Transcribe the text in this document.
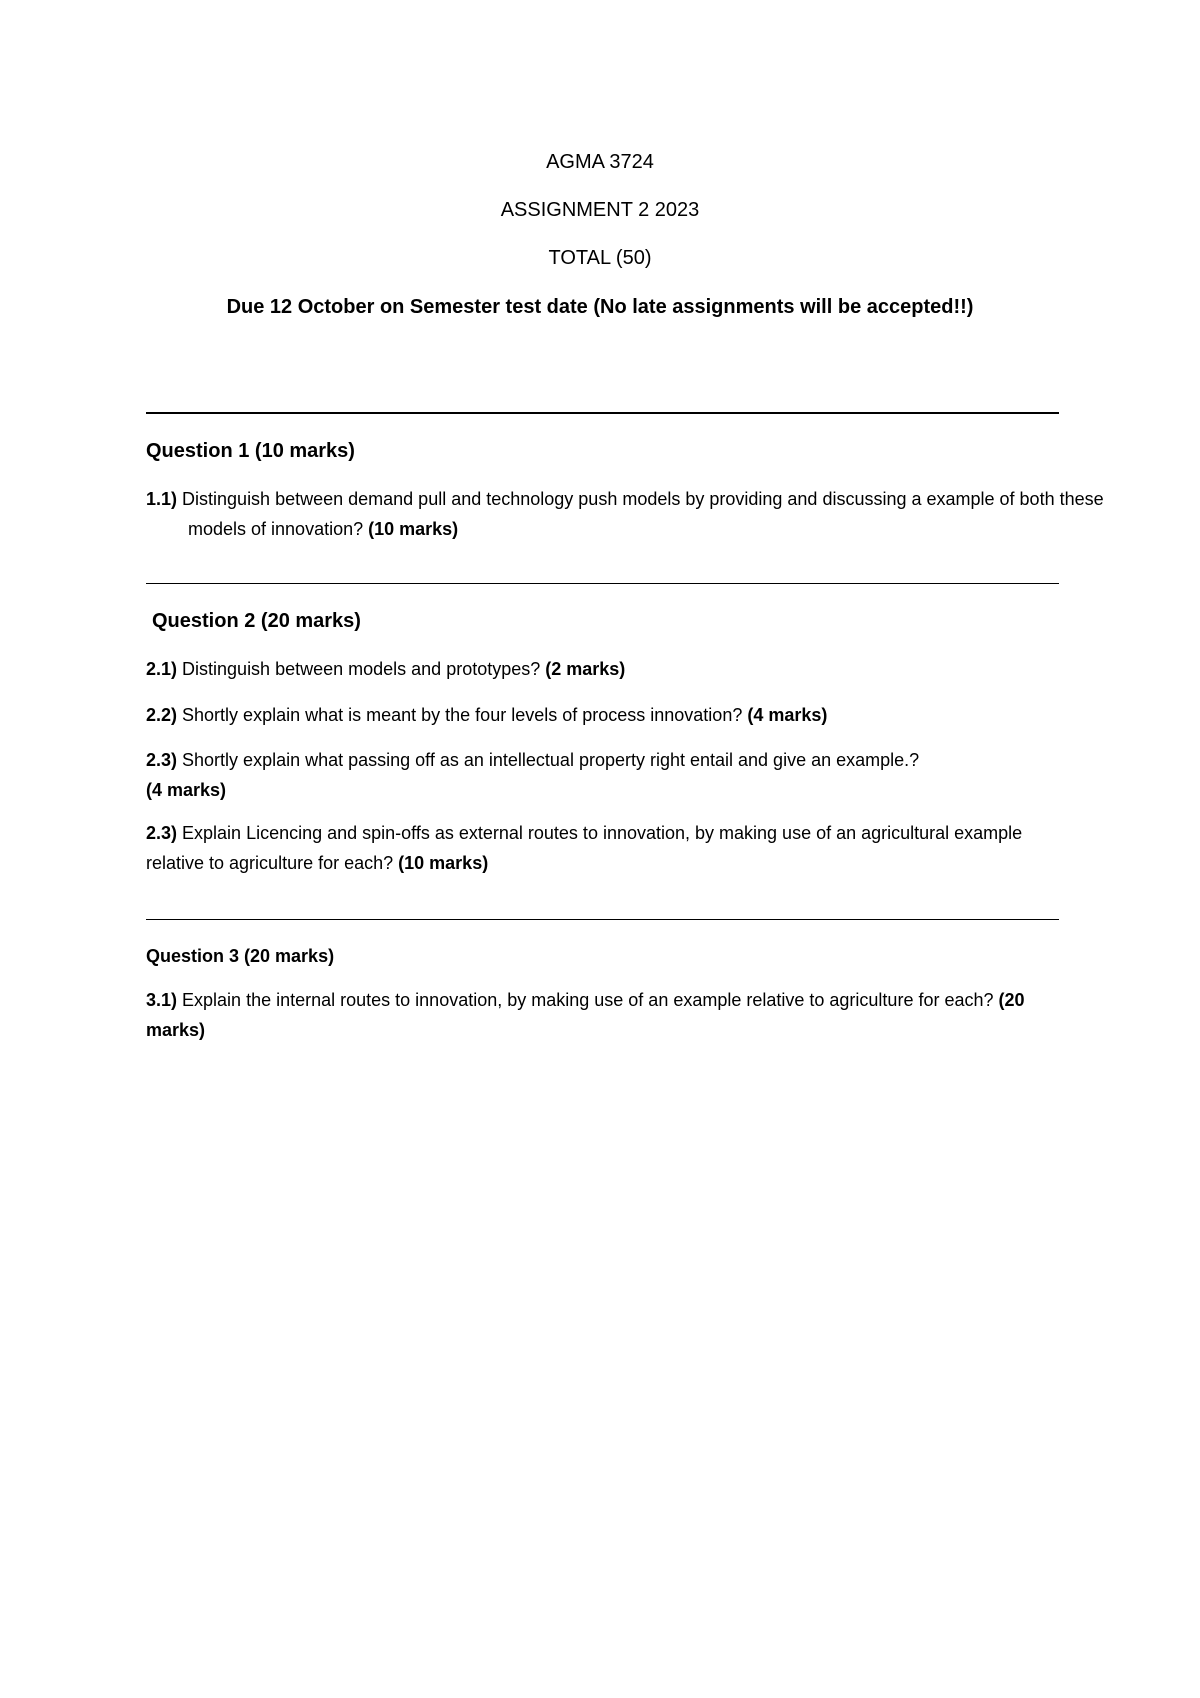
AGMA 3724
ASSIGNMENT 2 2023
TOTAL (50)
Due 12 October on Semester test date (No late assignments will be accepted!!)
Question 1 (10 marks)
1.1) Distinguish between demand pull and technology push models by providing and discussing a example of both these models of innovation? (10 marks)
Question 2 (20 marks)
2.1) Distinguish between models and prototypes? (2 marks)
2.2) Shortly explain what is meant by the four levels of process innovation? (4 marks)
2.3) Shortly explain what passing off as an intellectual property right entail and give an example.?
(4 marks)
2.3) Explain Licencing and spin-offs as external routes to innovation, by making use of an agricultural example relative to agriculture for each? (10 marks)
Question 3 (20 marks)
3.1) Explain the internal routes to innovation, by making use of an example relative to agriculture for each? (20 marks)
